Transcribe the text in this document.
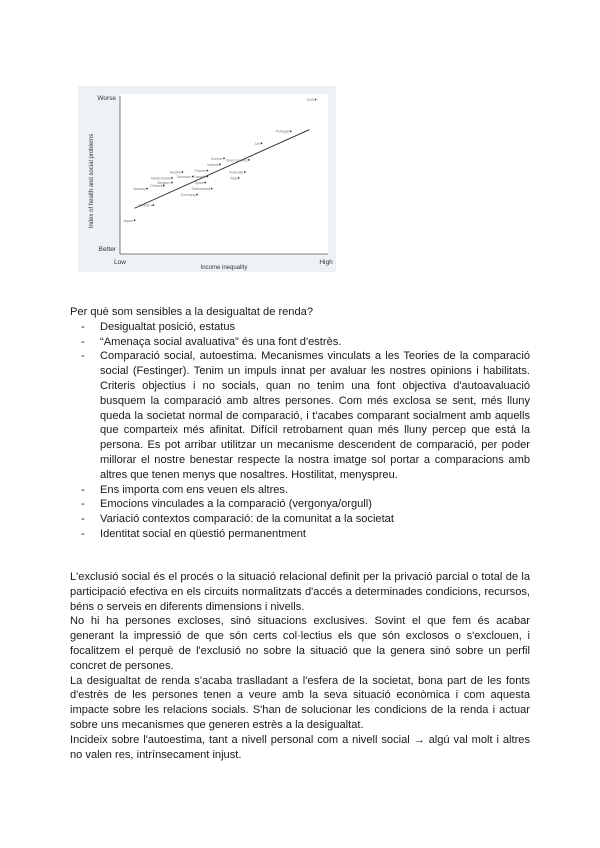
Worse
Better
Low	High
Income inequality
Index of health and social problems
USA
Portugal
UK
New Zealand
Greece
Ireland
Australia
Italy
France
Canada
Spain
Switzerland
Austria
Denmark
Belgium
Netherlands
Finland
Germany
Norway
Sweden
Japan

Per què som sensibles a la desigualtat de renda?

- Desigualtat posició, estatus
- “Amenaça social avaluativa” és una font d'estrès.
- Comparació social, autoestima. Mecanismes vinculats a les Teories de la comparació social (Festinger). Tenim un impuls innat per avaluar les nostres opinions i habilitats. Criteris objectius i no socials, quan no tenim una font objectiva d'autoavaluació busquem la comparació amb altres persones. Com més exclosa se sent, més lluny queda la societat normal de comparació, i t'acabes comparant socialment amb aquells que comparteix més afinitat. Difícil retrobament quan més lluny percep que está la persona. Es pot arribar utilitzar un mecanisme descendent de comparació, per poder millorar el nostre benestar respecte la nostra imatge sol portar a comparacions amb altres que tenen menys que nosaltres. Hostilitat, menyspreu.
- Ens importa com ens veuen els altres.
- Emocions vinculades a la comparació (vergonya/orgull)
- Variació contextos comparació: de la comunitat a la societat
- Identitat social en qüestió permanentment

L'exclusió social és el procés o la situació relacional definit per la privació parcial o total de la participació efectiva en els circuits normalitzats d'accés a determinades condicions, recursos, béns o serveis en diferents dimensions i nivells.

No hi ha persones excloses, sinó situacions exclusives. Sovint el que fem és acabar generant la impressió de que són certs col·lectius els que són exclosos o s'exclouen, i focalitzem el perquè de l'exclusió no sobre la situació que la genera sinó sobre un perfil concret de persones.

La desigualtat de renda s'acaba traslladant a l'esfera de la societat, bona part de les fonts d'estrès de les persones tenen a veure amb la seva situació econòmica i com aquesta impacte sobre les relacions socials. S'han de solucionar les condicions de la renda i actuar sobre uns mecanismes que generen estrès a la desigualtat.

Incideix sobre l'autoestima, tant a nivell personal com a nivell social → algú val molt i altres no valen res, intrínsecament injust.
